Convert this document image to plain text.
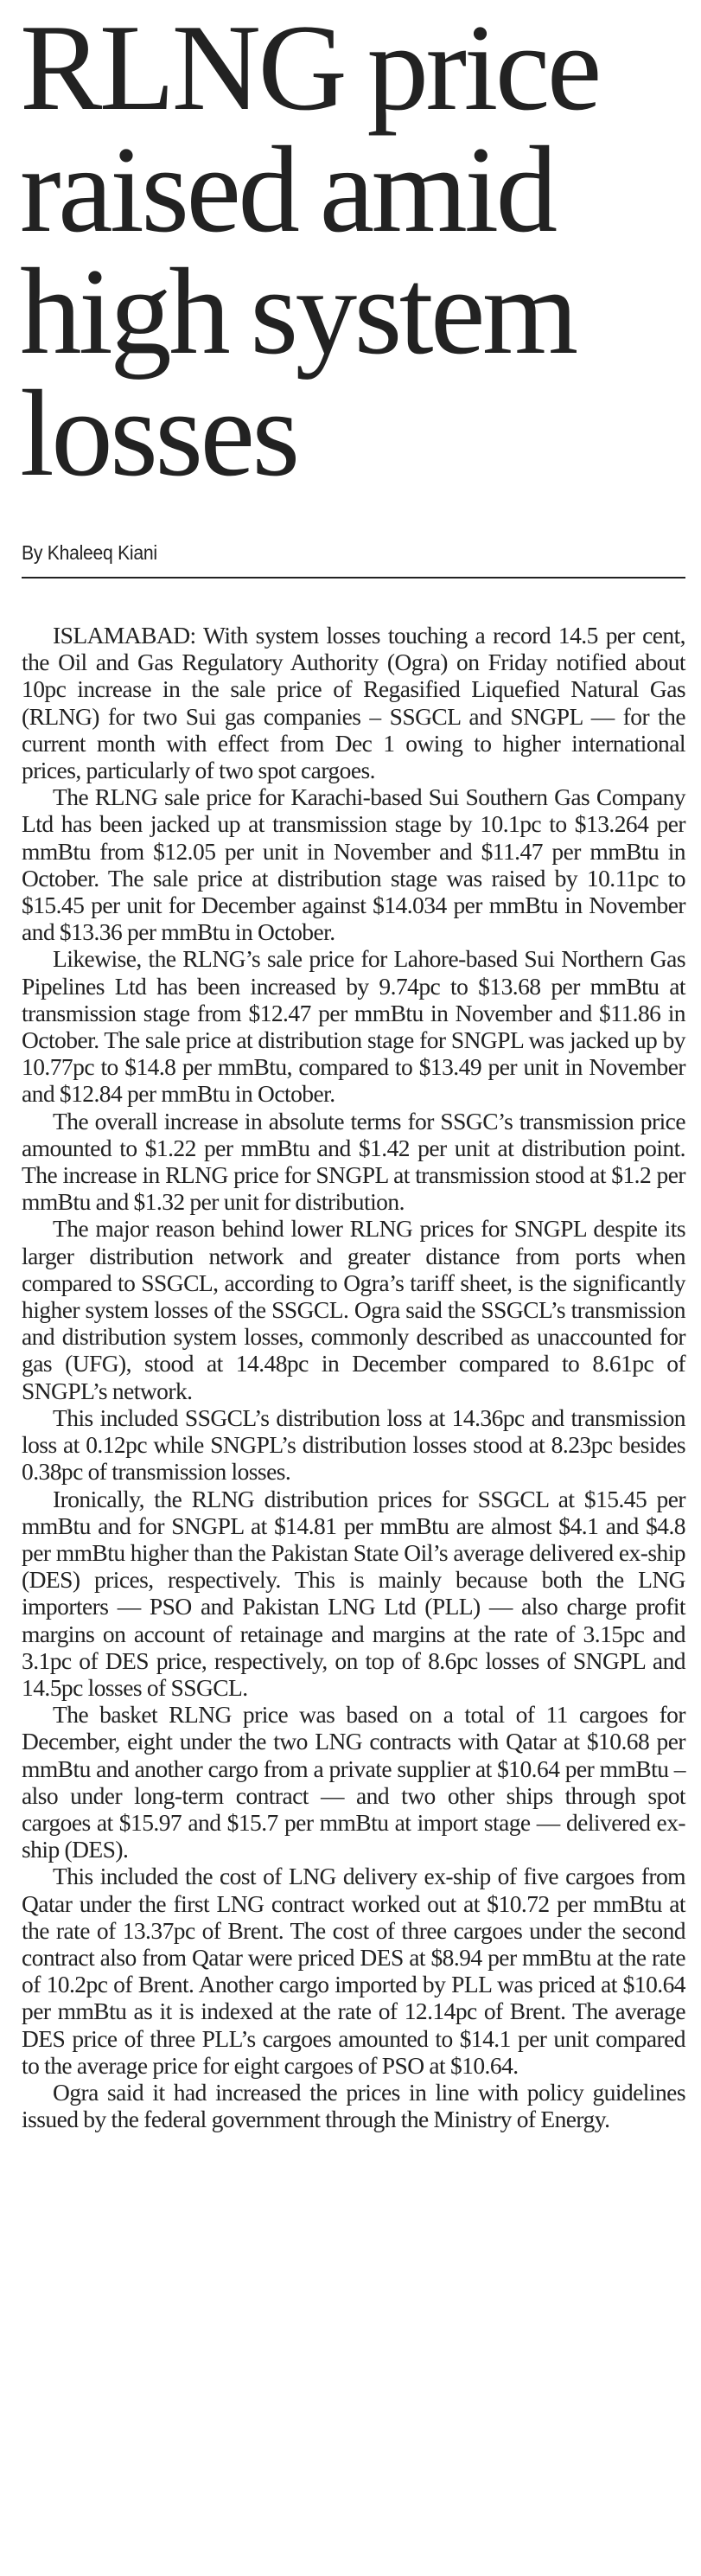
RLNG price
raised amid
high system
losses
By Khaleeq Kiani

ISLAMABAD: With system losses touching a record 14.5 per cent, the Oil and Gas Regulatory Authority (Ogra) on Friday notified about 10pc increase in the sale price of Regasified Liquefied Natural Gas (RLNG) for two Sui gas companies – SSGCL and SNGPL — for the current month with effect from Dec 1 owing to higher international prices, particularly of two spot cargoes.

The RLNG sale price for Karachi-based Sui Southern Gas Company Ltd has been jacked up at transmission stage by 10.1pc to $13.264 per mmBtu from $12.05 per unit in November and $11.47 per mmBtu in October. The sale price at distribution stage was raised by 10.11pc to $15.45 per unit for December against $14.034 per mmBtu in November and $13.36 per mmBtu in October.

Likewise, the RLNG’s sale price for Lahore-based Sui Northern Gas Pipelines Ltd has been increased by 9.74pc to $13.68 per mmBtu at transmission stage from $12.47 per mmBtu in November and $11.86 in October. The sale price at distribution stage for SNGPL was jacked up by 10.77pc to $14.8 per mmBtu, compared to $13.49 per unit in November and $12.84 per mmBtu in October.

The overall increase in absolute terms for SSGC’s transmission price amounted to $1.22 per mmBtu and $1.42 per unit at distribution point. The increase in RLNG price for SNGPL at transmission stood at $1.2 per mmBtu and $1.32 per unit for distribution.

The major reason behind lower RLNG prices for SNGPL despite its larger distribution network and greater distance from ports when compared to SSGCL, according to Ogra’s tariff sheet, is the significantly higher system losses of the SSGCL. Ogra said the SSGCL’s transmission and distribution system losses, commonly described as unaccounted for gas (UFG), stood at 14.48pc in December compared to 8.61pc of SNGPL’s network.

This included SSGCL’s distribution loss at 14.36pc and transmission loss at 0.12pc while SNGPL’s distribution losses stood at 8.23pc besides 0.38pc of transmission losses.

Ironically, the RLNG distribution prices for SSGCL at $15.45 per mmBtu and for SNGPL at $14.81 per mmBtu are almost $4.1 and $4.8 per mmBtu higher than the Pakistan State Oil’s average delivered ex-ship (DES) prices, respectively. This is mainly because both the LNG importers — PSO and Pakistan LNG Ltd (PLL) — also charge profit margins on account of retainage and margins at the rate of 3.15pc and 3.1pc of DES price, respectively, on top of 8.6pc losses of SNGPL and 14.5pc losses of SSGCL.

The basket RLNG price was based on a total of 11 cargoes for December, eight under the two LNG contracts with Qatar at $10.68 per mmBtu and another cargo from a private supplier at $10.64 per mmBtu – also under long-term contract — and two other ships through spot cargoes at $15.97 and $15.7 per mmBtu at import stage — delivered ex-ship (DES).

This included the cost of LNG delivery ex-ship of five cargoes from Qatar under the first LNG contract worked out at $10.72 per mmBtu at the rate of 13.37pc of Brent. The cost of three cargoes under the second contract also from Qatar were priced DES at $8.94 per mmBtu at the rate of 10.2pc of Brent. Another cargo imported by PLL was priced at $10.64 per mmBtu as it is indexed at the rate of 12.14pc of Brent. The average DES price of three PLL’s cargoes amounted to $14.1 per unit compared to the average price for eight cargoes of PSO at $10.64.

Ogra said it had increased the prices in line with policy guidelines issued by the federal government through the Ministry of Energy.
